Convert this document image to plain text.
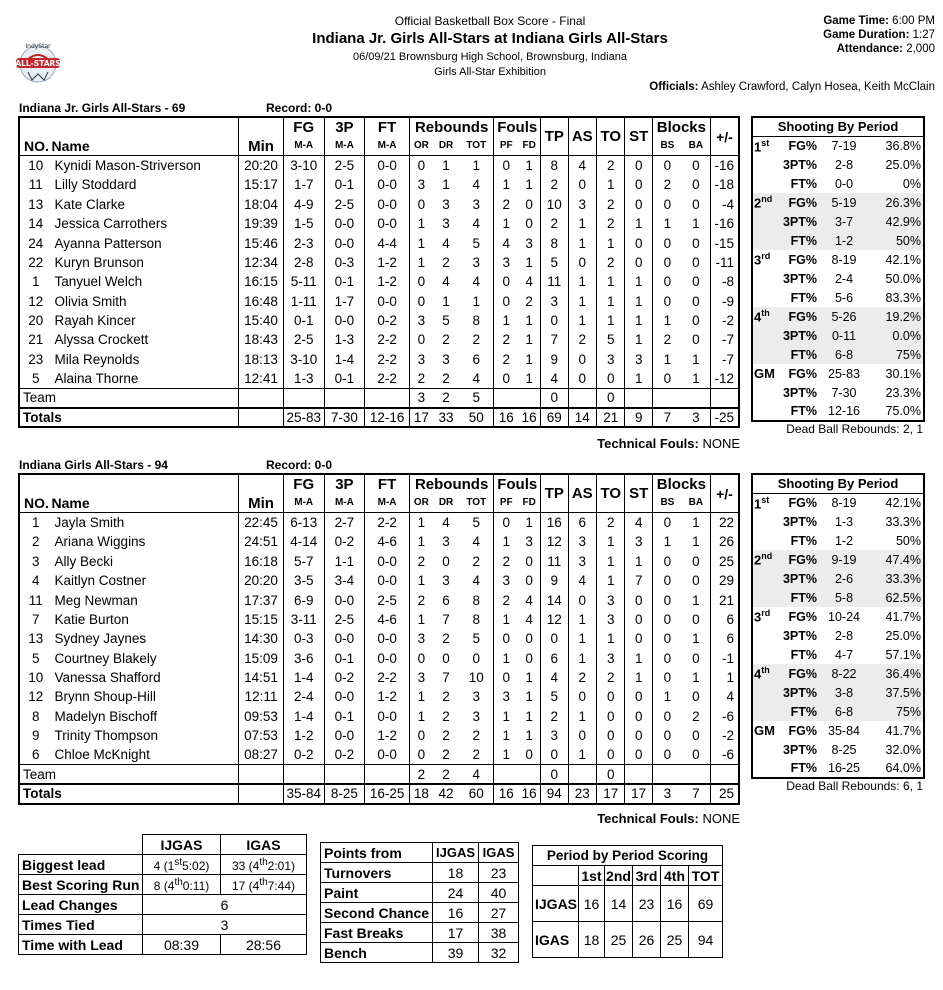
ALL-STARS
IndyStar
Official Basketball Box Score - Final
Indiana Jr. Girls All-Stars at Indiana Girls All-Stars
06/09/21 Brownsburg High School, Brownsburg, Indiana
Girls All-Star Exhibition
Game Time: 6:00 PM
Game Duration: 1:27
Attendance: 2,000
Officials: Ashley Crawford, Calyn Hosea, Keith McClain
Indiana Jr. Girls All-Stars - 69	Record: 0-0
		Min	FG	3P	FT	Rebounds			Fouls		TP	AS	TO	ST	Blocks		+/-
NO.	Name		M-A	M-A	M-A	OR	DR	TOT	PF	FD					BS	BA	
10	Kynidi Mason-Striverson	20:20	3-10	2-5	0-0	0	1	1	0	1	8	4	2	0	0	0	-16
11	Lilly Stoddard	15:17	1-7	0-1	0-0	3	1	4	1	1	2	0	1	0	2	0	-18
13	Kate Clarke	18:04	4-9	2-5	0-0	0	3	3	2	0	10	3	2	0	0	0	-4
14	Jessica Carrothers	19:39	1-5	0-0	0-0	1	3	4	1	0	2	1	2	1	1	1	-16
24	Ayanna Patterson	15:46	2-3	0-0	4-4	1	4	5	4	3	8	1	1	0	0	0	-15
22	Kuryn Brunson	12:34	2-8	0-3	1-2	1	2	3	3	1	5	0	2	0	0	0	-11
1	Tanyuel Welch	16:15	5-11	0-1	1-2	0	4	4	0	4	11	1	1	1	0	0	-8
12	Olivia Smith	16:48	1-11	1-7	0-0	0	1	1	0	2	3	1	1	1	0	0	-9
20	Rayah Kincer	15:40	0-1	0-0	0-2	3	5	8	1	1	0	1	1	1	1	0	-2
21	Alyssa Crockett	18:43	2-5	1-3	2-2	0	2	2	2	1	7	2	5	1	2	0	-7
23	Mila Reynolds	18:13	3-10	1-4	2-2	3	3	6	2	1	9	0	3	3	1	1	-7
5	Alaina Thorne	12:41	1-3	0-1	2-2	2	2	4	0	1	4	0	0	1	0	1	-12
Team						3	2	5			0		0				
Totals			25-83	7-30	12-16	17	33	50	16	16	69	14	21	9	7	3	-25
Technical Fouls: NONE
Shooting By Period			
1st	FG%	7-19	36.8%
	3PT%	2-8	25.0%
	FT%	0-0	0%
2nd	FG%	5-19	26.3%
	3PT%	3-7	42.9%
	FT%	1-2	50%
3rd	FG%	8-19	42.1%
	3PT%	2-4	50.0%
	FT%	5-6	83.3%
4th	FG%	5-26	19.2%
	3PT%	0-11	0.0%
	FT%	6-8	75%
GM	FG%	25-83	30.1%
	3PT%	7-30	23.3%
	FT%	12-16	75.0%
Dead Ball Rebounds: 2, 1
Indiana Girls All-Stars - 94	Record: 0-0
		Min	FG	3P	FT	Rebounds			Fouls		TP	AS	TO	ST	Blocks		+/-
NO.	Name		M-A	M-A	M-A	OR	DR	TOT	PF	FD					BS	BA	
1	Jayla Smith	22:45	6-13	2-7	2-2	1	4	5	0	1	16	6	2	4	0	1	22
2	Ariana Wiggins	24:51	4-14	0-2	4-6	1	3	4	1	3	12	3	1	3	1	1	26
3	Ally Becki	16:18	5-7	1-1	0-0	2	0	2	2	0	11	3	1	1	0	0	25
4	Kaitlyn Costner	20:20	3-5	3-4	0-0	1	3	4	3	0	9	4	1	7	0	0	29
11	Meg Newman	17:37	6-9	0-0	2-5	2	6	8	2	4	14	0	3	0	0	1	21
7	Katie Burton	15:15	3-11	2-5	4-6	1	7	8	1	4	12	1	3	0	0	0	6
13	Sydney Jaynes	14:30	0-3	0-0	0-0	3	2	5	0	0	0	1	1	0	0	1	6
5	Courtney Blakely	15:09	3-6	0-1	0-0	0	0	0	1	0	6	1	3	1	0	0	-1
10	Vanessa Shafford	14:51	1-4	0-2	2-2	3	7	10	0	1	4	2	2	1	0	1	1
12	Brynn Shoup-Hill	12:11	2-4	0-0	1-2	1	2	3	3	1	5	0	0	0	1	0	4
8	Madelyn Bischoff	09:53	1-4	0-1	0-0	1	2	3	1	1	2	1	0	0	0	2	-6
9	Trinity Thompson	07:53	1-2	0-0	1-2	0	2	2	1	1	3	0	0	0	0	0	-2
6	Chloe McKnight	08:27	0-2	0-2	0-0	0	2	2	1	0	0	1	0	0	0	0	-6
Team						2	2	4			0		0				
Totals			35-84	8-25	16-25	18	42	60	16	16	94	23	17	17	3	7	25
Technical Fouls: NONE
Shooting By Period			
1st	FG%	8-19	42.1%
	3PT%	1-3	33.3%
	FT%	1-2	50%
2nd	FG%	9-19	47.4%
	3PT%	2-6	33.3%
	FT%	5-8	62.5%
3rd	FG%	10-24	41.7%
	3PT%	2-8	25.0%
	FT%	4-7	57.1%
4th	FG%	8-22	36.4%
	3PT%	3-8	37.5%
	FT%	6-8	75%
GM	FG%	35-84	41.7%
	3PT%	8-25	32.0%
	FT%	16-25	64.0%
Dead Ball Rebounds: 6, 1
	IJGAS	IGAS
Biggest lead	4 (1st5:02)	33 (4th2:01)
Best Scoring Run	8 (4th0:11)	17 (4th7:44)
Lead Changes	6	
Times Tied	3	
Time with Lead	08:39	28:56
Points from	IJGAS	IGAS
Turnovers	18	23
Paint	24	40
Second Chance	16	27
Fast Breaks	17	38
Bench	39	32
Period by Period Scoring					
	1st	2nd	3rd	4th	TOT
IJGAS	16	14	23	16	69
IGAS	18	25	26	25	94
